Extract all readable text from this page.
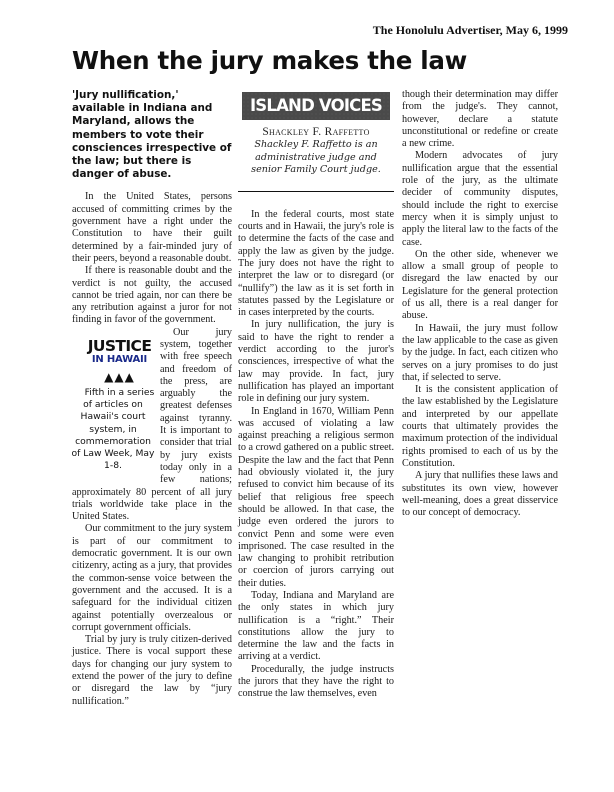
The Honolulu Advertiser, May 6, 1999
When the jury makes the law
'Jury nullification,' available in Indiana and Maryland, allows the members to vote their consciences irrespective of the law; but there is danger of abuse.

In the United States, persons accused of committing crimes by the government have a right under the Constitution to have their guilt determined by a fair-minded jury of their peers, beyond a reasonable doubt.

If there is reasonable doubt and the verdict is not guilty, the accused cannot be tried again, nor can there be any retribution against a juror for not finding in favor of the government.

JUSTICE
IN HAWAII
▲▲▲
Fifth in a series of articles on Hawaii's court system, in commemoration of Law Week, May 1-8.
Our jury system, together with free speech and freedom of the press, are arguably the greatest defenses against tyranny. It is important to consider that trial by jury exists today only in a few nations; approximately 80 percent of all jury trials worldwide take place in the United States.

Our commitment to the jury system is part of our commitment to democratic government. It is our own citizenry, acting as a jury, that provides the common-sense voice between the government and the accused. It is a safeguard for the individual citizen against potentially overzealous or corrupt government officials.

Trial by jury is truly citizen-derived justice. There is vocal support these days for changing our jury system to extend the power of the jury to define or disregard the law by “jury nullification.”

ISLAND VOICES
Shackley F. Raffetto
Shackley F. Raffetto is an administrative judge and senior Family Court judge.

In the federal courts, most state courts and in Hawaii, the jury's role is to determine the facts of the case and apply the law as given by the judge. The jury does not have the right to interpret the law or to disregard (or “nullify”) the law as it is set forth in statutes passed by the Legislature or in cases interpreted by the courts.

In jury nullification, the jury is said to have the right to render a verdict according to the juror's consciences, irrespective of what the law may provide. In fact, jury nullification has played an important role in defining our jury system.

In England in 1670, William Penn was accused of violating a law against preaching a religious sermon to a crowd gathered on a public street. Despite the law and the fact that Penn had obviously violated it, the jury refused to convict him because of its belief that religious free speech should be allowed. In that case, the judge even ordered the jurors to convict Penn and some were even imprisoned. The case resulted in the law changing to prohibit retribution or coercion of jurors carrying out their duties.

Today, Indiana and Maryland are the only states in which jury nullification is a “right.” Their constitutions allow the jury to determine the law and the facts in arriving at a verdict.

Procedurally, the judge instructs the jurors that they have the right to construe the law themselves, even

though their determination may differ from the judge's. They cannot, however, declare a statute unconstitutional or redefine or create a new crime.

Modern advocates of jury nullification argue that the essential role of the jury, as the ultimate decider of community disputes, should include the right to exercise mercy when it is simply unjust to apply the literal law to the facts of the case.

On the other side, whenever we allow a small group of people to disregard the law enacted by our Legislature for the general protection of us all, there is a real danger for abuse.

In Hawaii, the jury must follow the law applicable to the case as given by the judge. In fact, each citizen who serves on a jury promises to do just that, if selected to serve.

It is the consistent application of the law established by the Legislature and interpreted by our appellate courts that ultimately provides the maximum protection of the individual rights promised to each of us by the Constitution.

A jury that nullifies these laws and substitutes its own view, however well-meaning, does a great disservice to our concept of democracy.
